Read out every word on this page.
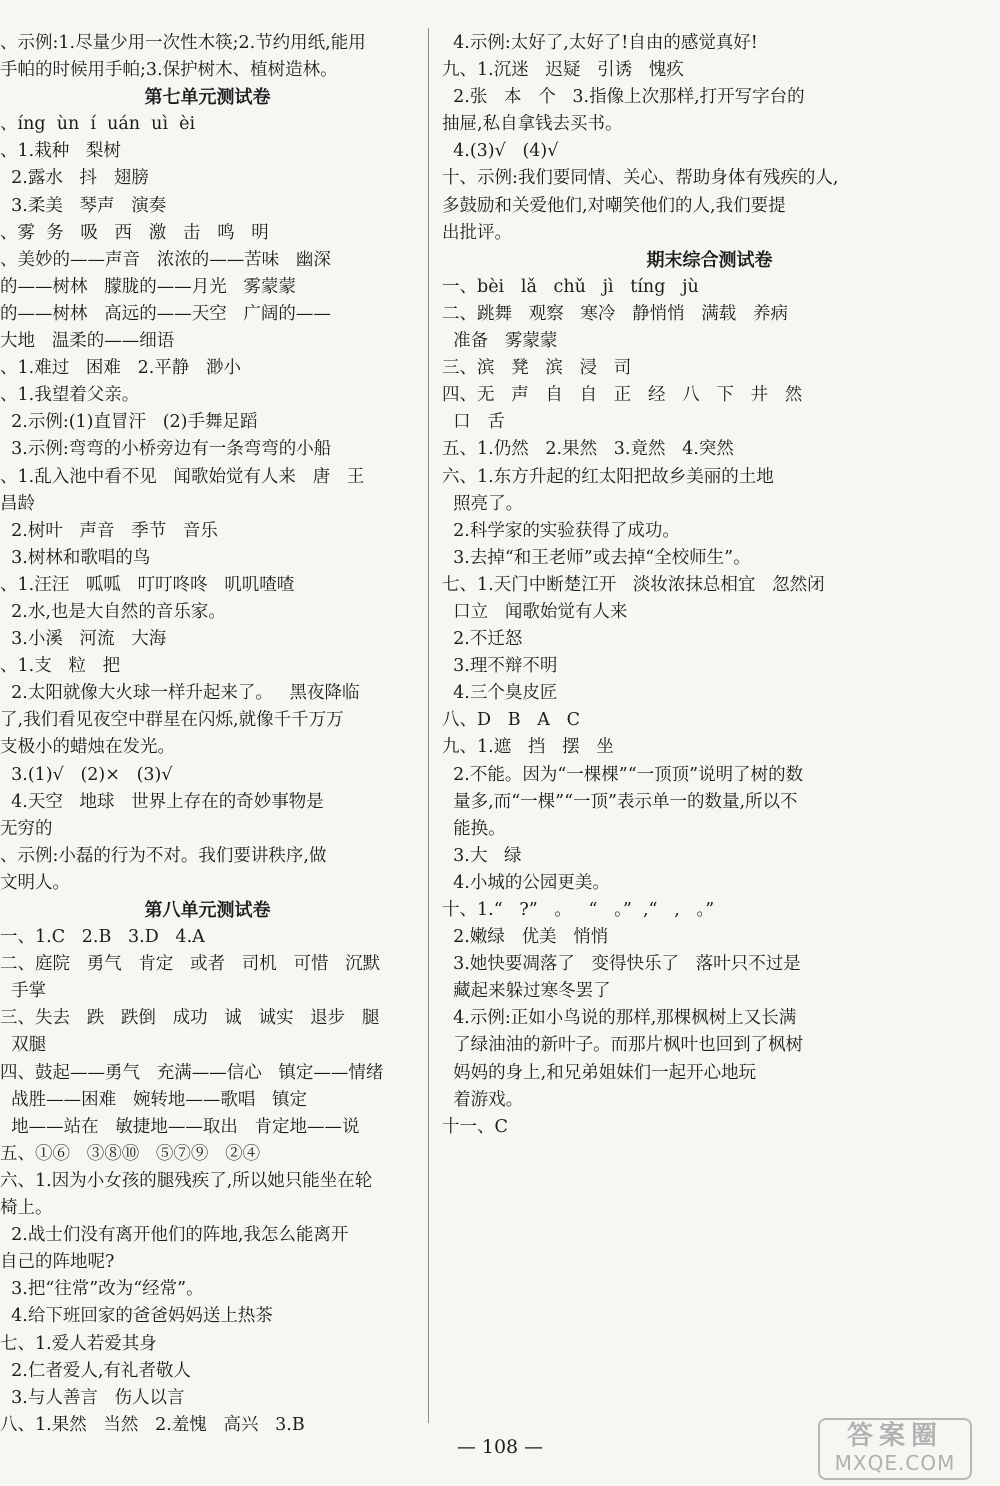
、示例:1.尽量少用一次性木筷;2.节约用纸,能用
手帕的时候用手帕;3.保护树木、植树造林。
第七单元测试卷
、íng  ùn  í  uán  uì  èi
、1.栽种   梨树
2.露水   抖   翅膀
3.柔美   琴声   演奏
、雾  务   吸   西   激   击   鸣   明
、美妙的——声音   浓浓的——苦味   幽深
的——树林   朦胧的——月光   雾蒙蒙
的——树林   高远的——天空   广阔的——
大地   温柔的——细语
、1.难过   困难   2.平静   渺小
、1.我望着父亲。
2.示例:(1)直冒汗   (2)手舞足蹈
3.示例:弯弯的小桥旁边有一条弯弯的小船
、1.乱入池中看不见   闻歌始觉有人来   唐   王
昌龄
2.树叶   声音   季节   音乐
3.树林和歌唱的鸟
、1.汪汪   呱呱   叮叮咚咚   叽叽喳喳
2.水,也是大自然的音乐家。
3.小溪   河流   大海
、1.支   粒   把
2.太阳就像大火球一样升起来了。   黑夜降临
了,我们看见夜空中群星在闪烁,就像千千万万
支极小的蜡烛在发光。
3.(1)√   (2)×   (3)√
4.天空   地球   世界上存在的奇妙事物是
无穷的
、示例:小磊的行为不对。我们要讲秩序,做
文明人。
第八单元测试卷
一、1.C   2.B   3.D   4.A
二、庭院   勇气   肯定   或者   司机   可惜   沉默
手掌
三、失去   跌   跌倒   成功   诚   诚实   退步   腿
双腿
四、鼓起——勇气   充满——信心   镇定——情绪
战胜——困难   婉转地——歌唱   镇定
地——站在   敏捷地——取出   肯定地——说
五、①⑥   ③⑧⑩   ⑤⑦⑨   ②④
六、1.因为小女孩的腿残疾了,所以她只能坐在轮
椅上。
2.战士们没有离开他们的阵地,我怎么能离开
自己的阵地呢?
3.把“往常”改为“经常”。
4.给下班回家的爸爸妈妈送上热茶
七、1.爱人若爱其身
2.仁者爱人,有礼者敬人
3.与人善言   伤人以言
八、1.果然   当然   2.羞愧   高兴   3.B
4.示例:太好了,太好了!自由的感觉真好!
九、1.沉迷   迟疑   引诱   愧疚
2.张   本   个   3.指像上次那样,打开写字台的
抽屉,私自拿钱去买书。
4.(3)√   (4)√
十、示例:我们要同情、关心、帮助身体有残疾的人,
多鼓励和关爱他们,对嘲笑他们的人,我们要提
出批评。
期末综合测试卷
一、bèi   lǎ   chǔ   jì   tíng   jù
二、跳舞   观察   寒冷   静悄悄   满载   养病
准备   雾蒙蒙
三、滨   凳   滨   浸   司
四、无   声   自   自   正   经   八   下   井   然
口   舌
五、1.仍然   2.果然   3.竟然   4.突然
六、1.东方升起的红太阳把故乡美丽的土地
照亮了。
2.科学家的实验获得了成功。
3.去掉“和王老师”或去掉“全校师生”。
七、1.天门中断楚江开   淡妆浓抹总相宜   忽然闭
口立   闻歌始觉有人来
2.不迁怒
3.理不辩不明
4.三个臭皮匠
八、D   B   A   C
九、1.遮   挡   摆   坐
2.不能。因为“一棵棵”“一顶顶”说明了树的数
量多,而“一棵”“一顶”表示单一的数量,所以不
能换。
3.大   绿
4.小城的公园更美。
十、1.“   ?”   。   “   。”  ,“   ,   。”
2.嫩绿   优美   悄悄
3.她快要凋落了   变得快乐了   落叶只不过是
藏起来躲过寒冬罢了
4.示例:正如小鸟说的那样,那棵枫树上又长满
了绿油油的新叶子。而那片枫叶也回到了枫树
妈妈的身上,和兄弟姐妹们一起开心地玩
着游戏。
十一、C
— 108 —	答案圈
MXQE.COM
